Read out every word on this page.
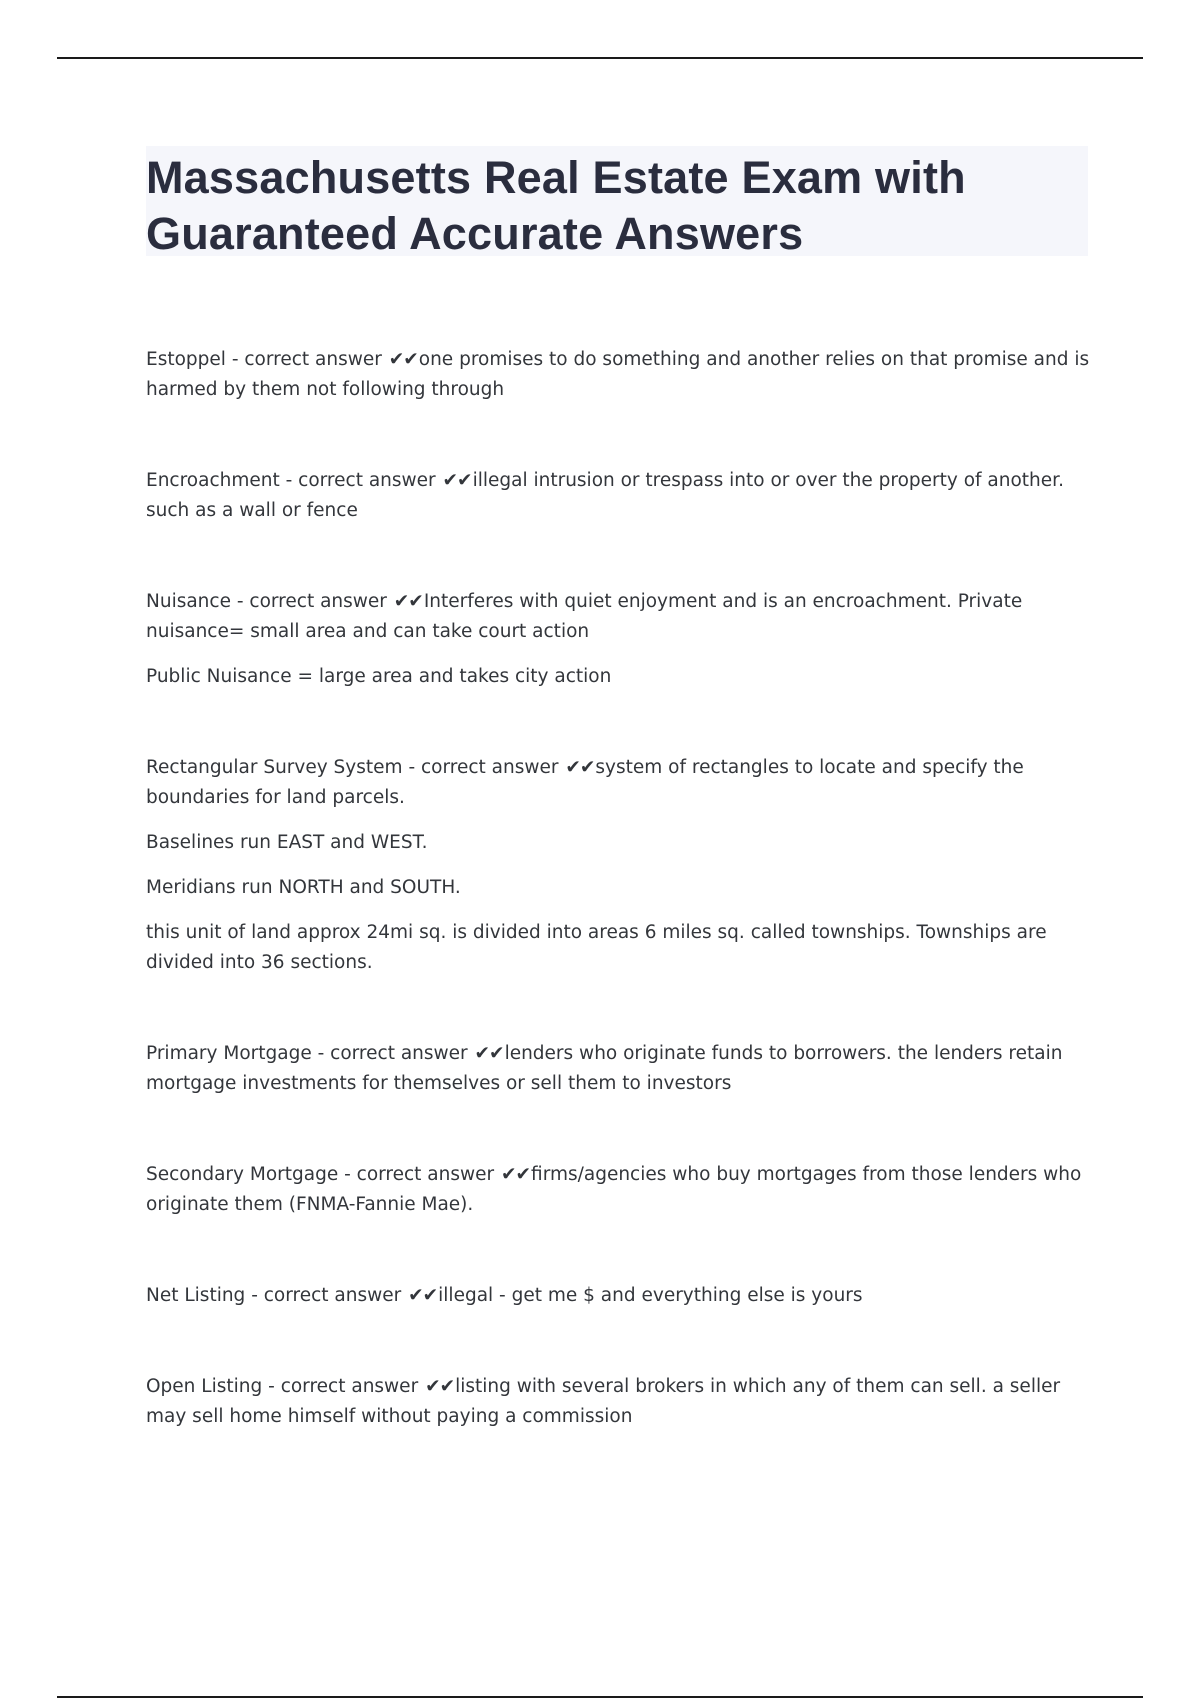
Massachusetts Real Estate Exam with Guaranteed Accurate Answers

Estoppel - correct answer ✔✔one promises to do something and another relies on that promise and is harmed by them not following through

Encroachment - correct answer ✔✔illegal intrusion or trespass into or over the property of another. such as a wall or fence

Nuisance - correct answer ✔✔Interferes with quiet enjoyment and is an encroachment. Private nuisance= small area and can take court action

Public Nuisance = large area and takes city action

Rectangular Survey System - correct answer ✔✔system of rectangles to locate and specify the boundaries for land parcels.

Baselines run EAST and WEST.

Meridians run NORTH and SOUTH.

this unit of land approx 24mi sq. is divided into areas 6 miles sq. called townships. Townships are divided into 36 sections.

Primary Mortgage - correct answer ✔✔lenders who originate funds to borrowers. the lenders retain mortgage investments for themselves or sell them to investors

Secondary Mortgage - correct answer ✔✔firms/agencies who buy mortgages from those lenders who originate them (FNMA-Fannie Mae).

Net Listing - correct answer ✔✔illegal - get me $ and everything else is yours

Open Listing - correct answer ✔✔listing with several brokers in which any of them can sell. a seller may sell home himself without paying a commission
